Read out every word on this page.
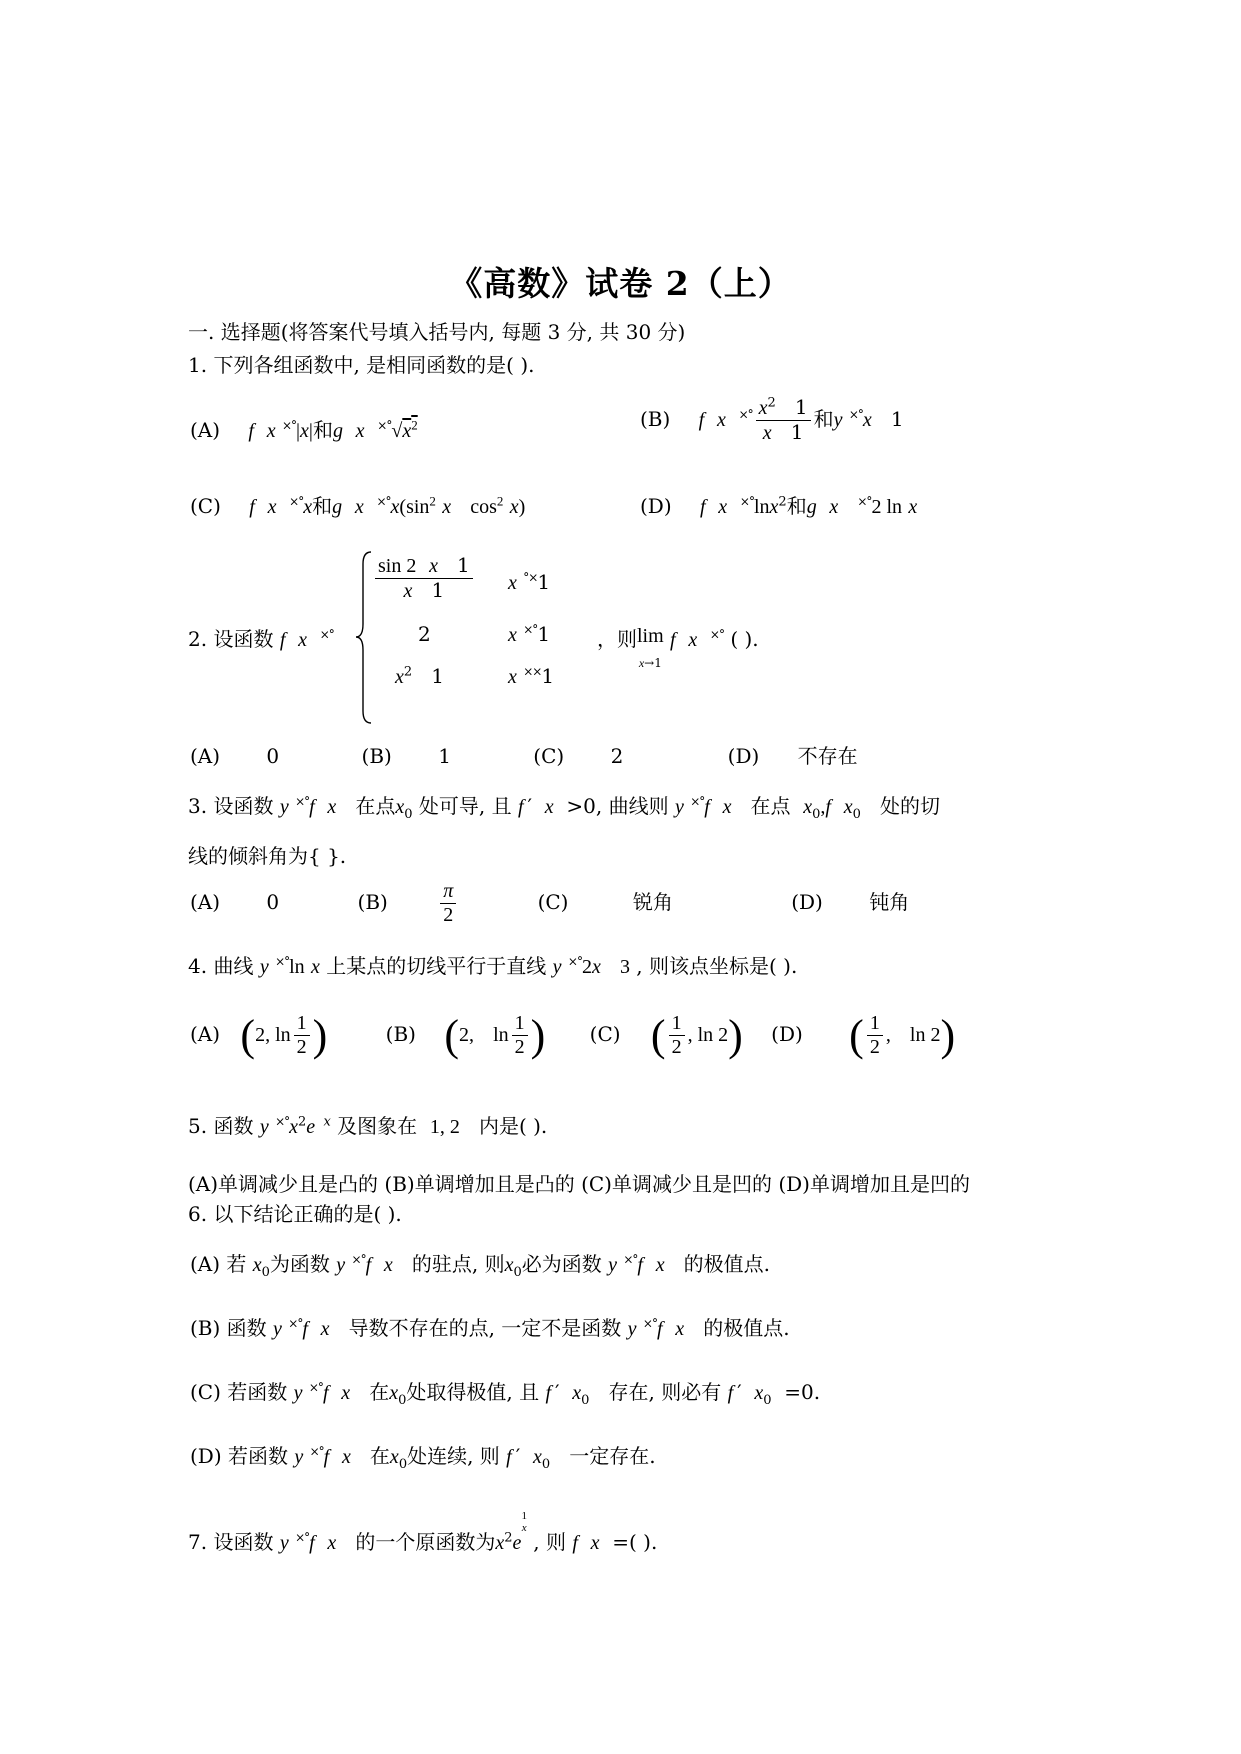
《高数》试卷 2（上）
一. 选择题(将答案代号填入括号内, 每题 3 分, 共 30 分)
1. 下列各组函数中, 是相同函数的是( ).
(A) f x ×°|x|和g x $^{\times^\circ}√x^2$	(B) f x $^{\times^\circ} \frac{x^2 1}{x 1}$ 和y ×°x   1
(C) f x ×°x和g x $^{\times^\circ}x(\sin^2$ x $\cos^2 x$)	(D) f x ×°lnx$^2$和g x ×°2 ln x
2. 设函数 f x ×°
$\frac{\sin 2 x 1}{x 1}$ x °×1
2	x ×°1
$x^2$   1	x ××1
，则lim
x→1 f x ×° ( ).
(A) 0	(B) 1	(C) 2	(D) 不存在
3. 设函数 y ×°f x 在点$x_0$ 处可导, 且 f ′  x >0, 曲线则 y ×°f x 在点 $x_0,f$ $x_0$ 处的切
线的倾斜角为{ }.
(A) 0	(B)	$\frac{\pi}{2}$	(C)	锐角	(D) 钝角
4. 曲线 y ×°ln x 上某点的切线平行于直线 y ×°2x 3 , 则该点坐标是( ).
(A) (2, $\ln \frac{1}{2}$ )	(B) (2, $\ln \frac{1}{2}$ ) (C) ( $\frac{1}{2}$ , ln 2) (D) ( $\frac{1}{2}$ , ln 2)
5. 函数 y $^{\times^\circ}x^2e$ $^x$ 及图象在 1, 2 内是( ).
(A)单调减少且是凸的 (B)单调增加且是凸的 (C)单调减少且是凹的 (D)单调增加且是凹的
6. 以下结论正确的是( ).
(A) 若 $x_0$为函数 y ×°f x 的驻点, 则$x_0$必为函数 y ×°f x 的极值点.
(B) 函数 y ×°f x 导数不存在的点, 一定不是函数 y ×°f x 的极值点.
(C) 若函数 y ×°f x 在$x_0$处取得极值, 且 f ′  $x_0$ 存在, 则必有 f ′  $x_0 =0$.
(D) 若函数 y ×°f x 在$x_0$处连续, 则 f ′  $x_0$ 一定存在.
7. 设函数 y ×°f x 的一个原函数为$x^2e1$
x , 则 f x =( ).
